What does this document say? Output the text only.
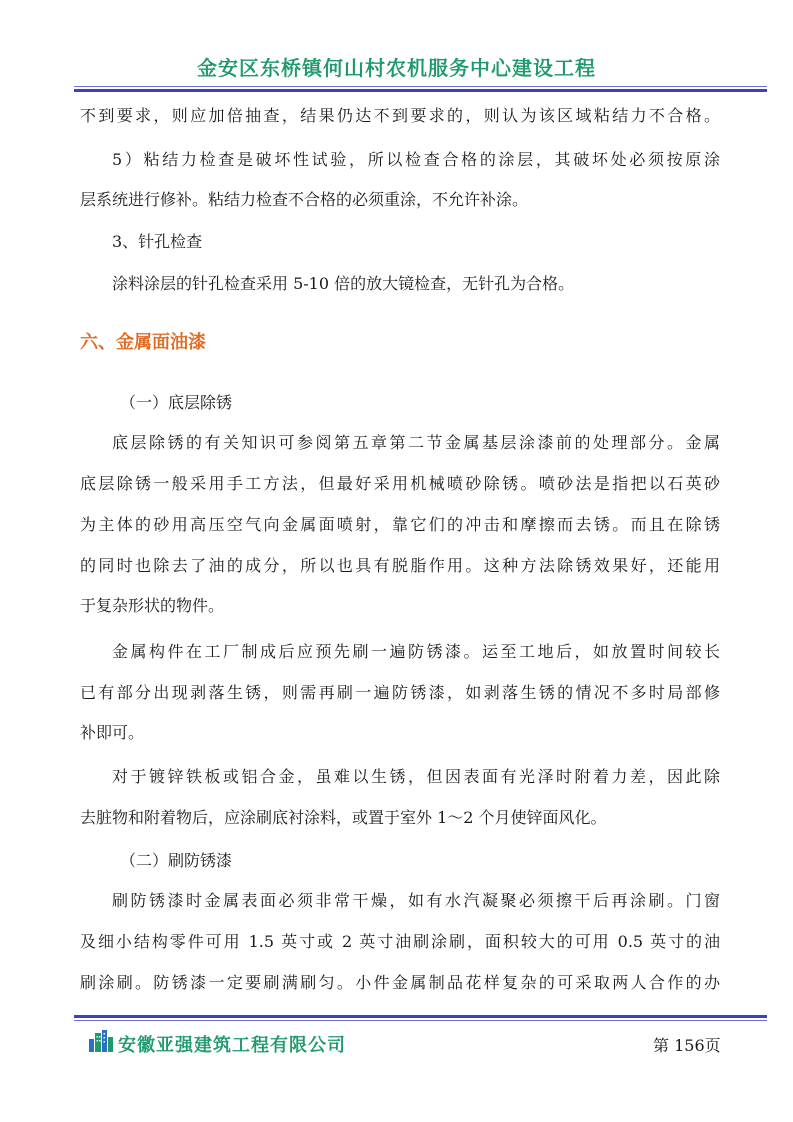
金安区东桥镇何山村农机服务中心建设工程
不到要求，则应加倍抽查，结果仍达不到要求的，则认为该区域粘结力不合格。
5）粘结力检查是破坏性试验，所以检查合格的涂层，其破坏处必须按原涂
层系统进行修补。粘结力检查不合格的必须重涂，不允许补涂。
3、针孔检查
涂料涂层的针孔检查采用 5-10 倍的放大镜检查，无针孔为合格。
六、金属面油漆
（一）底层除锈
底层除锈的有关知识可参阅第五章第二节金属基层涂漆前的处理部分。金属
底层除锈一般采用手工方法，但最好采用机械喷砂除锈。喷砂法是指把以石英砂
为主体的砂用高压空气向金属面喷射，靠它们的冲击和摩擦而去锈。而且在除锈
的同时也除去了油的成分，所以也具有脱脂作用。这种方法除锈效果好，还能用
于复杂形状的物件。
金属构件在工厂制成后应预先刷一遍防锈漆。运至工地后，如放置时间较长
已有部分出现剥落生锈，则需再刷一遍防锈漆，如剥落生锈的情况不多时局部修
补即可。
对于镀锌铁板或铝合金，虽难以生锈，但因表面有光泽时附着力差，因此除
去脏物和附着物后，应涂刷底衬涂料，或置于室外 1～2 个月使锌面风化。
（二）刷防锈漆
刷防锈漆时金属表面必须非常干燥，如有水汽凝聚必须擦干后再涂刷。门窗
及细小结构零件可用 1.5 英寸或 2 英寸油刷涂刷，面积较大的可用 0.5 英寸的油
刷涂刷。防锈漆一定要刷满刷匀。小件金属制品花样复杂的可采取两人合作的办
安徽亚强建筑工程有限公司	第 156页
